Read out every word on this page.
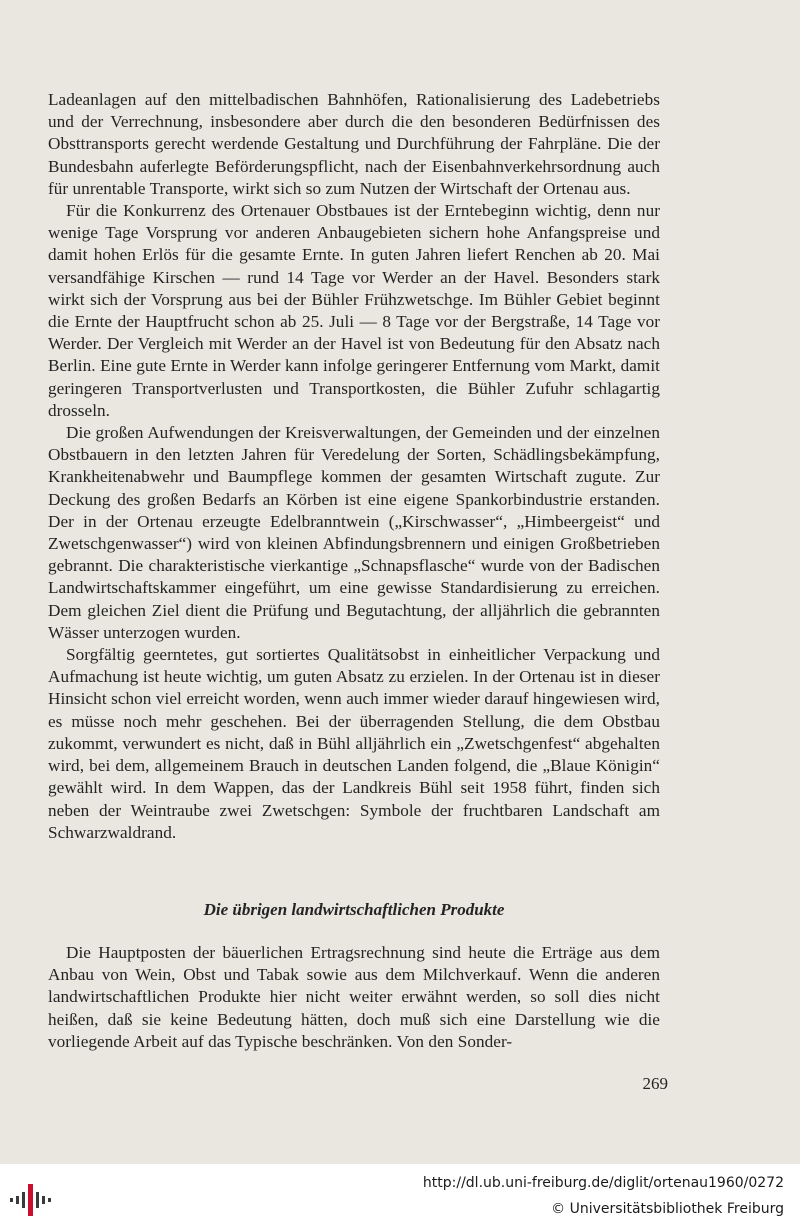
Ladeanlagen auf den mittelbadischen Bahnhöfen, Rationalisierung des Ladebetriebs und der Verrechnung, insbesondere aber durch die den besonderen Bedürfnissen des Obsttransports gerecht werdende Gestaltung und Durchführung der Fahrpläne. Die der Bundesbahn auferlegte Beförderungspflicht, nach der Eisenbahnverkehrsordnung auch für unrentable Transporte, wirkt sich so zum Nutzen der Wirtschaft der Ortenau aus.

Für die Konkurrenz des Ortenauer Obstbaues ist der Erntebeginn wichtig, denn nur wenige Tage Vorsprung vor anderen Anbaugebieten sichern hohe Anfangspreise und damit hohen Erlös für die gesamte Ernte. In guten Jahren liefert Renchen ab 20. Mai versandfähige Kirschen — rund 14 Tage vor Werder an der Havel. Besonders stark wirkt sich der Vorsprung aus bei der Bühler Frühzwetschge. Im Bühler Gebiet beginnt die Ernte der Hauptfrucht schon ab 25. Juli — 8 Tage vor der Bergstraße, 14 Tage vor Werder. Der Vergleich mit Werder an der Havel ist von Bedeutung für den Absatz nach Berlin. Eine gute Ernte in Werder kann infolge geringerer Entfernung vom Markt, damit geringeren Transportverlusten und Transportkosten, die Bühler Zufuhr schlagartig drosseln.

Die großen Aufwendungen der Kreisverwaltungen, der Gemeinden und der einzelnen Obstbauern in den letzten Jahren für Veredelung der Sorten, Schädlingsbekämpfung, Krankheitenabwehr und Baumpflege kommen der gesamten Wirtschaft zugute. Zur Deckung des großen Bedarfs an Körben ist eine eigene Spankorbindustrie erstanden. Der in der Ortenau erzeugte Edelbranntwein („Kirschwasser“, „Himbeergeist“ und Zwetschgenwasser“) wird von kleinen Abfindungsbrennern und einigen Großbetrieben gebrannt. Die charakteristische vierkantige „Schnapsflasche“ wurde von der Badischen Landwirtschaftskammer eingeführt, um eine gewisse Standardisierung zu erreichen. Dem gleichen Ziel dient die Prüfung und Begutachtung, der alljährlich die gebrannten Wässer unterzogen wurden.

Sorgfältig geerntetes, gut sortiertes Qualitätsobst in einheitlicher Verpackung und Aufmachung ist heute wichtig, um guten Absatz zu erzielen. In der Ortenau ist in dieser Hinsicht schon viel erreicht worden, wenn auch immer wieder darauf hingewiesen wird, es müsse noch mehr geschehen. Bei der überragenden Stellung, die dem Obstbau zukommt, verwundert es nicht, daß in Bühl alljährlich ein „Zwetschgenfest“ abgehalten wird, bei dem, allgemeinem Brauch in deutschen Landen folgend, die „Blaue Königin“ gewählt wird. In dem Wappen, das der Landkreis Bühl seit 1958 führt, finden sich neben der Weintraube zwei Zwetschgen: Symbole der fruchtbaren Landschaft am Schwarzwaldrand.

Die übrigen landwirtschaftlichen Produkte

Die Hauptposten der bäuerlichen Ertragsrechnung sind heute die Erträge aus dem Anbau von Wein, Obst und Tabak sowie aus dem Milchverkauf. Wenn die anderen landwirtschaftlichen Produkte hier nicht weiter erwähnt werden, so soll dies nicht heißen, daß sie keine Bedeutung hätten, doch muß sich eine Darstellung wie die vorliegende Arbeit auf das Typische beschränken. Von den Sonder-

269
http://dl.ub.uni-freiburg.de/diglit/ortenau1960/0272
© Universitätsbibliothek Freiburg
